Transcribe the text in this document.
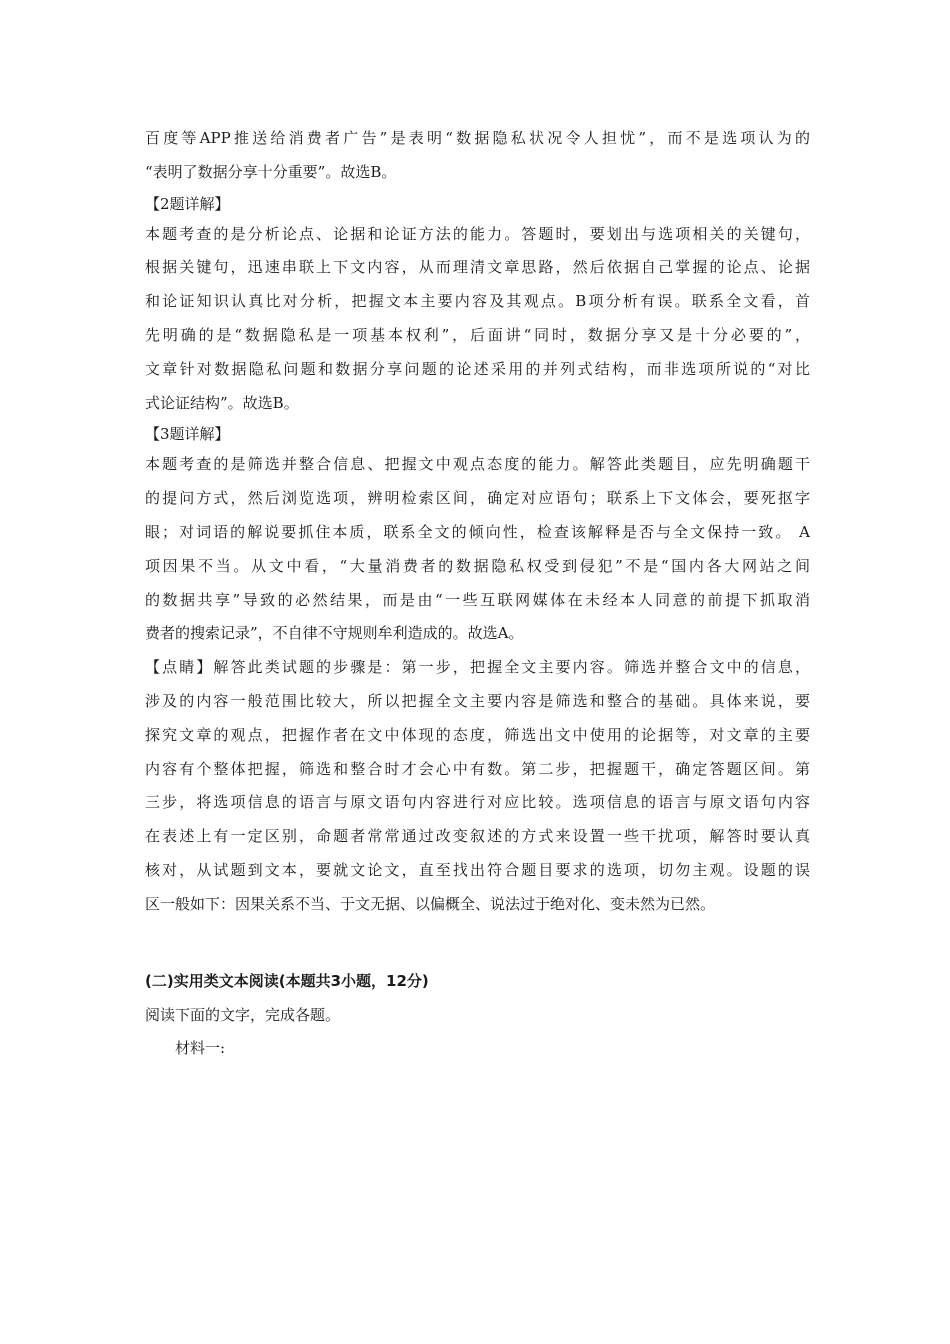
百度等APP推送给消费者广告”是表明“数据隐私状况令人担忧”，而不是选项认为的
“表明了数据分享十分重要”。故选B。
【2题详解】
本题考查的是分析论点、论据和论证方法的能力。答题时，要划出与选项相关的关键句，
根据关键句，迅速串联上下文内容，从而理清文章思路，然后依据自己掌握的论点、论据
和论证知识认真比对分析，把握文本主要内容及其观点。B项分析有误。联系全文看，首
先明确的是“数据隐私是一项基本权利”，后面讲“同时，数据分享又是十分必要的”，
文章针对数据隐私问题和数据分享问题的论述采用的并列式结构，而非选项所说的“对比
式论证结构”。故选B。
【3题详解】
本题考查的是筛选并整合信息、把握文中观点态度的能力。解答此类题目，应先明确题干
的提问方式，然后浏览选项，辨明检索区间，确定对应语句；联系上下文体会，要死抠字
眼；对词语的解说要抓住本质，联系全文的倾向性，检查该解释是否与全文保持一致。 A
项因果不当。从文中看，“大量消费者的数据隐私权受到侵犯”不是“国内各大网站之间
的数据共享”导致的必然结果，而是由“一些互联网媒体在未经本人同意的前提下抓取消
费者的搜索记录”，不自律不守规则牟利造成的。故选A。
【点睛】解答此类试题的步骤是：第一步，把握全文主要内容。筛选并整合文中的信息，
涉及的内容一般范围比较大，所以把握全文主要内容是筛选和整合的基础。具体来说，要
探究文章的观点，把握作者在文中体现的态度，筛选出文中使用的论据等，对文章的主要
内容有个整体把握，筛选和整合时才会心中有数。第二步，把握题干，确定答题区间。第
三步，将选项信息的语言与原文语句内容进行对应比较。选项信息的语言与原文语句内容
在表述上有一定区别，命题者常常通过改变叙述的方式来设置一些干扰项，解答时要认真
核对，从试题到文本，要就文论文，直至找出符合题目要求的选项，切勿主观。设题的误
区一般如下：因果关系不当、于文无据、以偏概全、说法过于绝对化、变未然为已然。
(二)实用类文本阅读(本题共3小题，12分)
阅读下面的文字，完成各题。
材料一:
